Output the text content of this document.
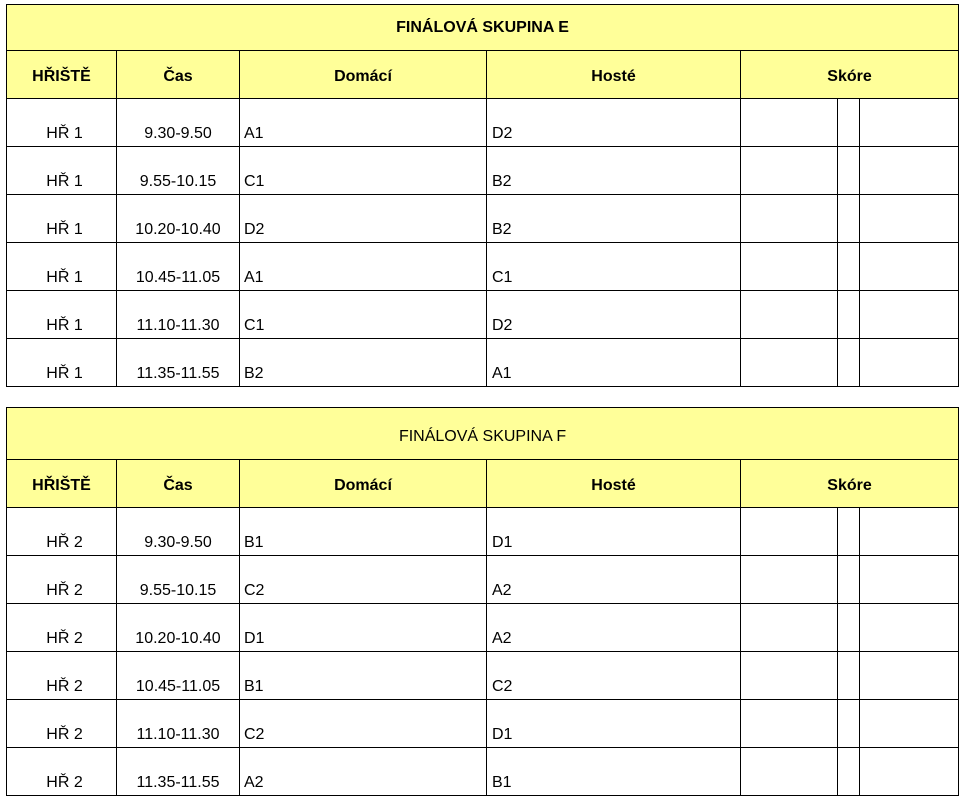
FINÁLOVÁ SKUPINA E						
HŘIŠTĚ	Čas	Domácí	Hosté	Skóre		
HŘ 1	9.30-9.50	A1	D2			
HŘ 1	9.55-10.15	C1	B2			
HŘ 1	10.20-10.40	D2	B2			
HŘ 1	10.45-11.05	A1	C1			
HŘ 1	11.10-11.30	C1	D2			
HŘ 1	11.35-11.55	B2	A1			
FINÁLOVÁ SKUPINA F						
HŘIŠTĚ	Čas	Domácí	Hosté	Skóre		
HŘ 2	9.30-9.50	B1	D1			
HŘ 2	9.55-10.15	C2	A2			
HŘ 2	10.20-10.40	D1	A2			
HŘ 2	10.45-11.05	B1	C2			
HŘ 2	11.10-11.30	C2	D1			
HŘ 2	11.35-11.55	A2	B1			
